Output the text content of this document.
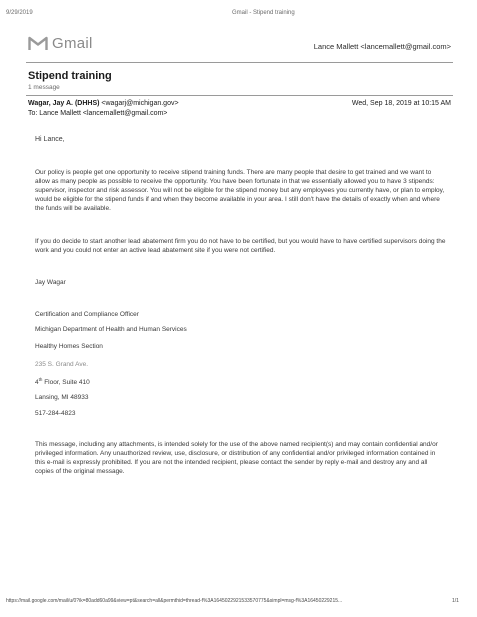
9/29/2019	Gmail - Stipend training
Gmail	Lance Mallett <lancemallett@gmail.com>
Stipend training
1 message
Wagar, Jay A. (DHHS) <wagarj@michigan.gov>	Wed, Sep 18, 2019 at 10:15 AM
To: Lance Mallett <lancemallett@gmail.com>
Hi Lance,
Our policy is people get one opportunity to receive stipend training funds. There are many people that desire to get trained and we want to allow as many people as possible to receive the opportunity. You have been fortunate in that we essentially allowed you to have 3 stipends: supervisor, inspector and risk assessor. You will not be eligible for the stipend money but any employees you currently have, or plan to employ, would be eligible for the stipend funds if and when they become available in your area. I still don't have the details of exactly when and where the funds will be available.
If you do decide to start another lead abatement firm you do not have to be certified, but you would have to have certified supervisors doing the work and you could not enter an active lead abatement site if you were not certified.
Jay Wagar
Certification and Compliance Officer
Michigan Department of Health and Human Services
Healthy Homes Section
235 S. Grand Ave.
4th Floor, Suite 410
Lansing, MI 48933
517-284-4823
This message, including any attachments, is intended solely for the use of the above named recipient(s) and may contain confidential and/or privileged information. Any unauthorized review, use, disclosure, or distribution of any confidential and/or privileged information contained in this e-mail is expressly prohibited. If you are not the intended recipient, please contact the sender by reply e-mail and destroy any and all copies of the original message.
https://mail.google.com/mail/u/0?ik=80add60a99&view=pt&search=all&permthid=thread-f%3A1645022921533570775&simpl=msg-f%3A16450229215...	1/1
